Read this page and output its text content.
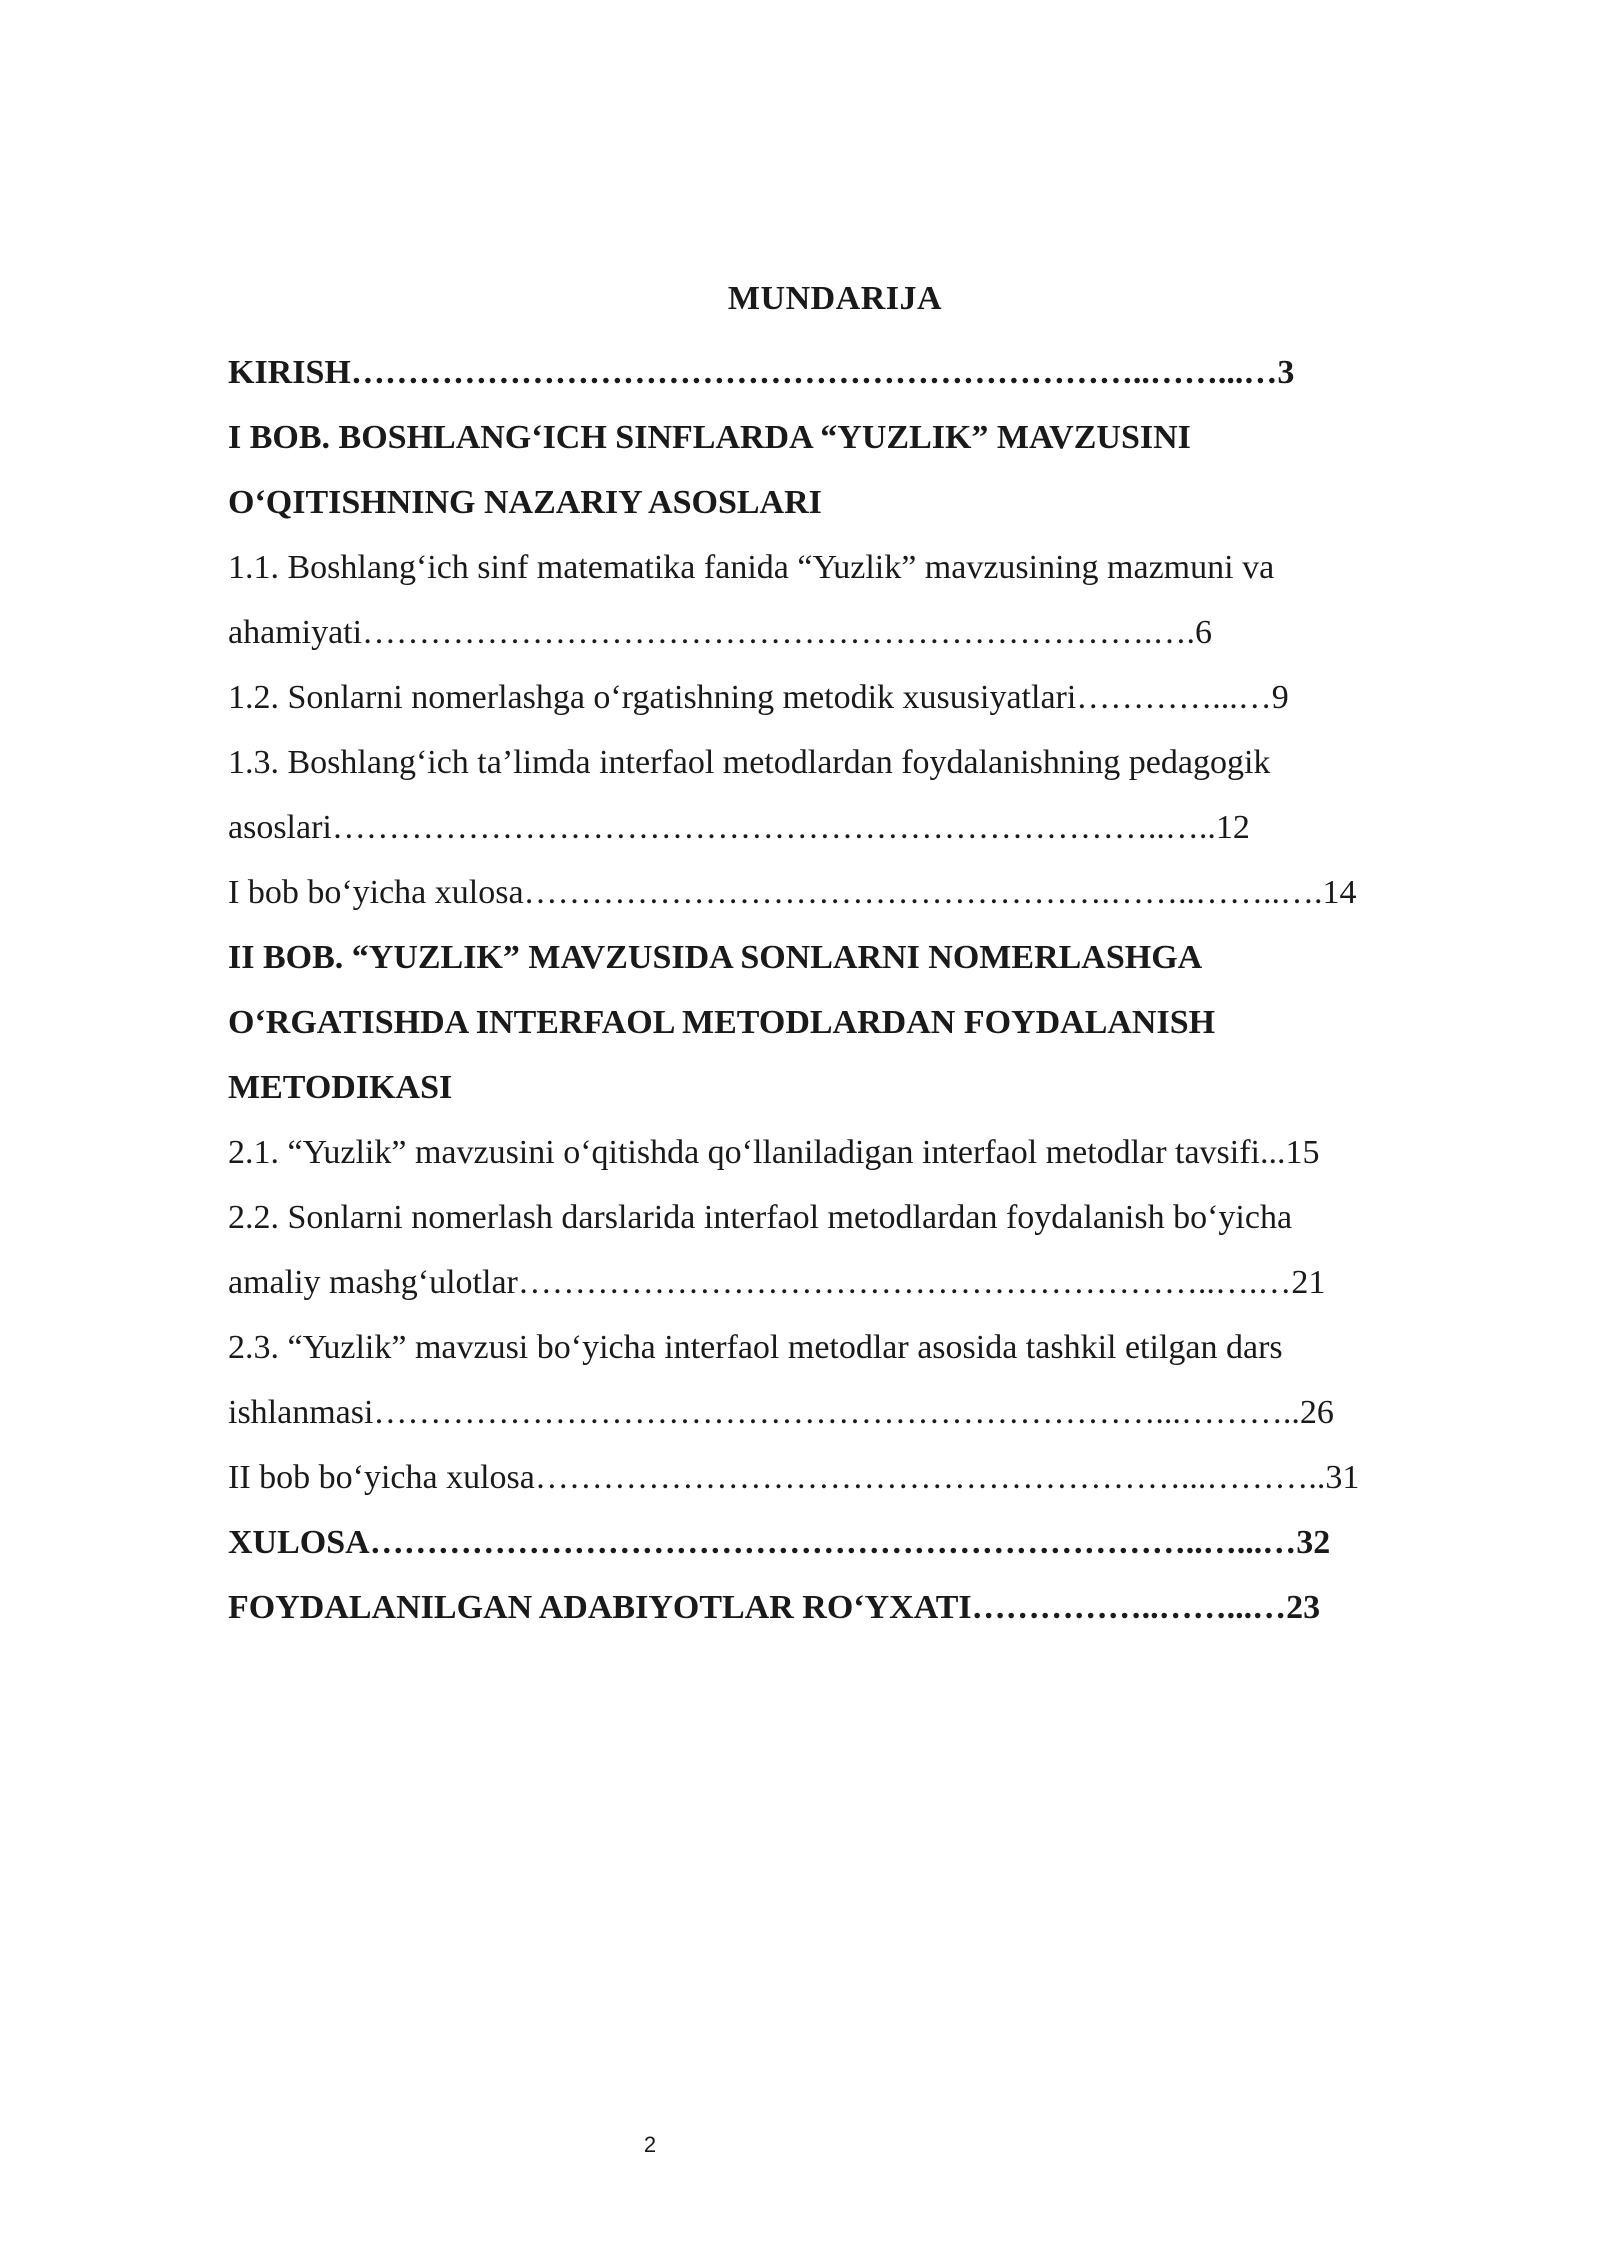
MUNDARIJA
KIRISH……………………………………………………………..……...…3
I BOB. BOSHLANG‘ICH SINFLARDA “YUZLIK” MAVZUSINI
O‘QITISHNING NAZARIY ASOSLARI
1.1. Boshlang‘ich sinf matematika fanida “Yuzlik” mavzusining mazmuni va
ahamiyati…………………………………………………………….….6
1.2. Sonlarni nomerlashga o‘rgatishning metodik xususiyatlari…………...…9
1.3. Boshlang‘ich ta’limda interfaol metodlardan foydalanishning pedagogik
asoslari………………………………………………………………..…..12
I bob bo‘yicha xulosa…………………………………………….……..……..….14
II BOB. “YUZLIK” MAVZUSIDA SONLARNI NOMERLASHGA
O‘RGATISHDA INTERFAOL METODLARDAN FOYDALANISH
METODIKASI
2.1. “Yuzlik” mavzusini o‘qitishda qo‘llaniladigan interfaol metodlar tavsifi...15
2.2. Sonlarni nomerlash darslarida interfaol metodlardan foydalanish bo‘yicha
amaliy mashg‘ulotlar……………………………………………………..….…21
2.3. “Yuzlik” mavzusi bo‘yicha interfaol metodlar asosida tashkil etilgan dars
ishlanmasi……………………………………………………………...………..26
II bob bo‘yicha xulosa…………………………………………………...………..31
XULOSA………………………………………………………………..…...…32
FOYDALANILGAN ADABIYOTLAR RO‘YXATI……………..……...…23
2
